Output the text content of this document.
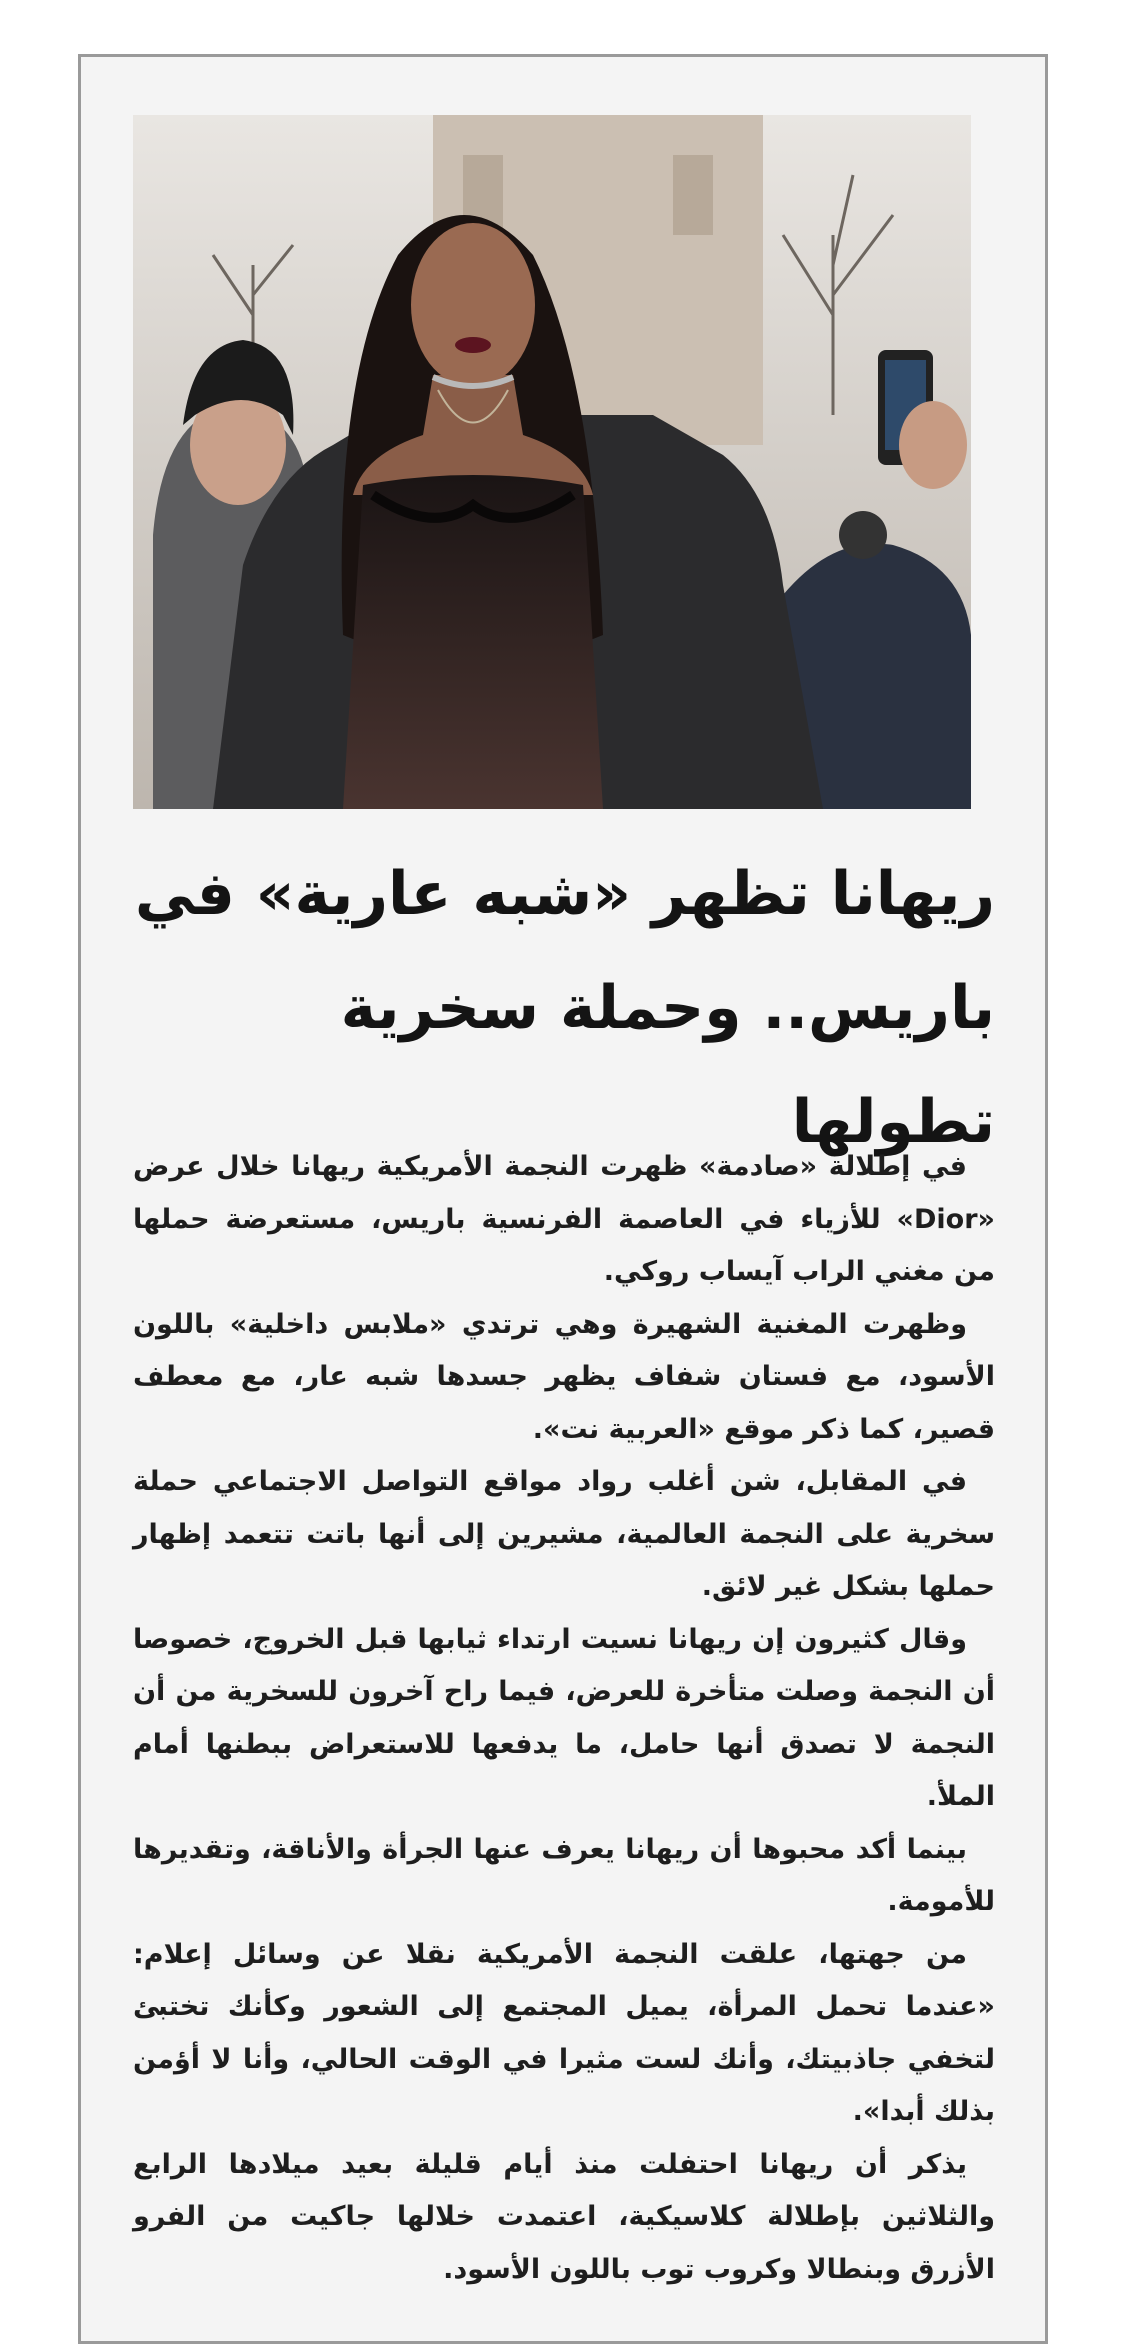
ريهانا تظهر «شبه عارية» في
باريس.. وحملة سخرية تطولها

في إطلالة «صادمة» ظهرت النجمة الأمريكية ريهانا خلال عرض «Dior» للأزياء في العاصمة الفرنسية باريس، مستعرضة حملها من مغني الراب آيساب روكي.

وظهرت المغنية الشهيرة وهي ترتدي «ملابس داخلية» باللون الأسود، مع فستان شفاف يظهر جسدها شبه عار، مع معطف قصير، كما ذكر موقع «العربية نت».

في المقابل، شن أغلب رواد مواقع التواصل الاجتماعي حملة سخرية على النجمة العالمية، مشيرين إلى أنها باتت تتعمد إظهار حملها بشكل غير لائق.

وقال كثيرون إن ريهانا نسيت ارتداء ثيابها قبل الخروج، خصوصا أن النجمة وصلت متأخرة للعرض، فيما راح آخرون للسخرية من أن النجمة لا تصدق أنها حامل، ما يدفعها للاستعراض ببطنها أمام الملأ.

بينما أكد محبوها أن ريهانا يعرف عنها الجرأة والأناقة، وتقديرها للأمومة.

من جهتها، علقت النجمة الأمريكية نقلا عن وسائل إعلام: «عندما تحمل المرأة، يميل المجتمع إلى الشعور وكأنك تختبئ لتخفي جاذبيتك، وأنك لست مثيرا في الوقت الحالي، وأنا لا أؤمن بذلك أبدا».

يذكر أن ريهانا احتفلت منذ أيام قليلة بعيد ميلادها الرابع والثلاثين بإطلالة كلاسيكية، اعتمدت خلالها جاكيت من الفرو الأزرق وبنطالا وكروب توب باللون الأسود.
